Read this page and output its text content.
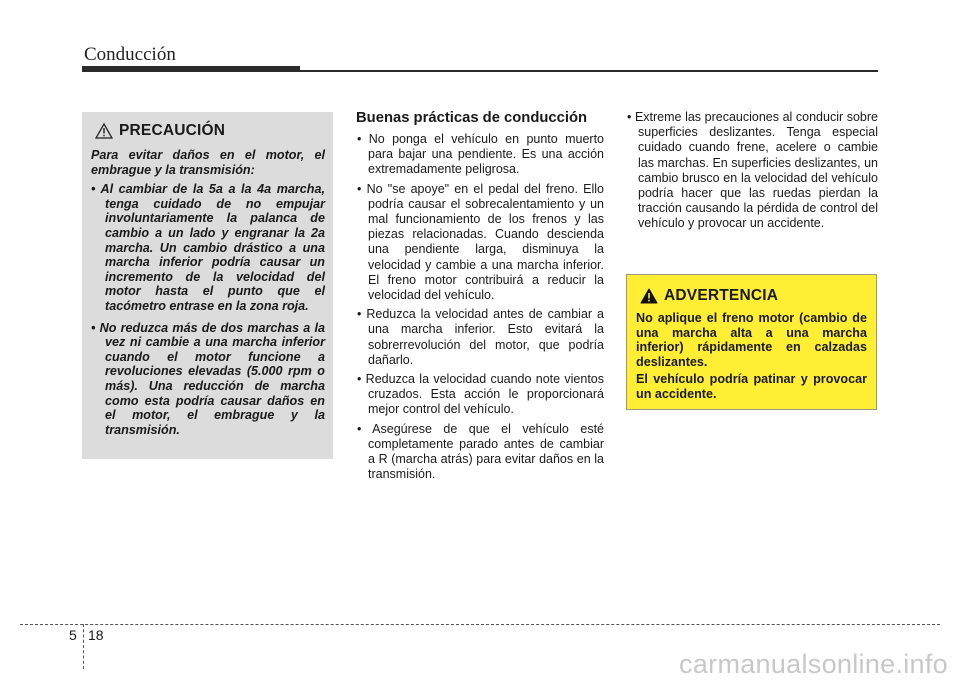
Conducción
PRECAUCIÓN

Para evitar daños en el motor, el embrague y la transmisión:

• Al cambiar de la 5a a la 4a marcha, tenga cuidado de no empujar involuntariamente la palanca de cambio a un lado y engranar la 2a marcha. Un cambio drástico a una marcha inferior podría causar un incremento de la velocidad del motor hasta el punto que el tacómetro entrase en la zona roja.
• No reduzca más de dos marchas a la vez ni cambie a una marcha inferior cuando el motor funcione a revoluciones elevadas (5.000 rpm o más). Una reducción de marcha como esta podría causar daños en el motor, el embrague y la transmisión.
Buenas prácticas de conducción
• No ponga el vehículo en punto muerto para bajar una pendiente. Es una acción extremadamente peligrosa.
• No "se apoye" en el pedal del freno. Ello podría causar el sobrecalentamiento y un mal funcionamiento de los frenos y las piezas relacionadas. Cuando descienda una pendiente larga, disminuya la velocidad y cambie a una marcha inferior. El freno motor contribuirá a reducir la velocidad del vehículo.
• Reduzca la velocidad antes de cambiar a una marcha inferior. Esto evitará la sobrerrevolución del motor, que podría dañarlo.
• Reduzca la velocidad cuando note vientos cruzados. Esta acción le proporcionará mejor control del vehículo.
• Asegúrese de que el vehículo esté completamente parado antes de cambiar a R (marcha atrás) para evitar daños en la transmisión.
• Extreme las precauciones al conducir sobre superficies deslizantes. Tenga especial cuidado cuando frene, acelere o cambie las marchas. En superficies deslizantes, un cambio brusco en la velocidad del vehículo podría hacer que las ruedas pierdan la tracción causando la pérdida de control del vehículo y provocar un accidente.
ADVERTENCIA

No aplique el freno motor (cambio de una marcha alta a una marcha inferior) rápidamente en calzadas deslizantes.

El vehículo podría patinar y provocar un accidente.

5 18
carmanualsonline.info
